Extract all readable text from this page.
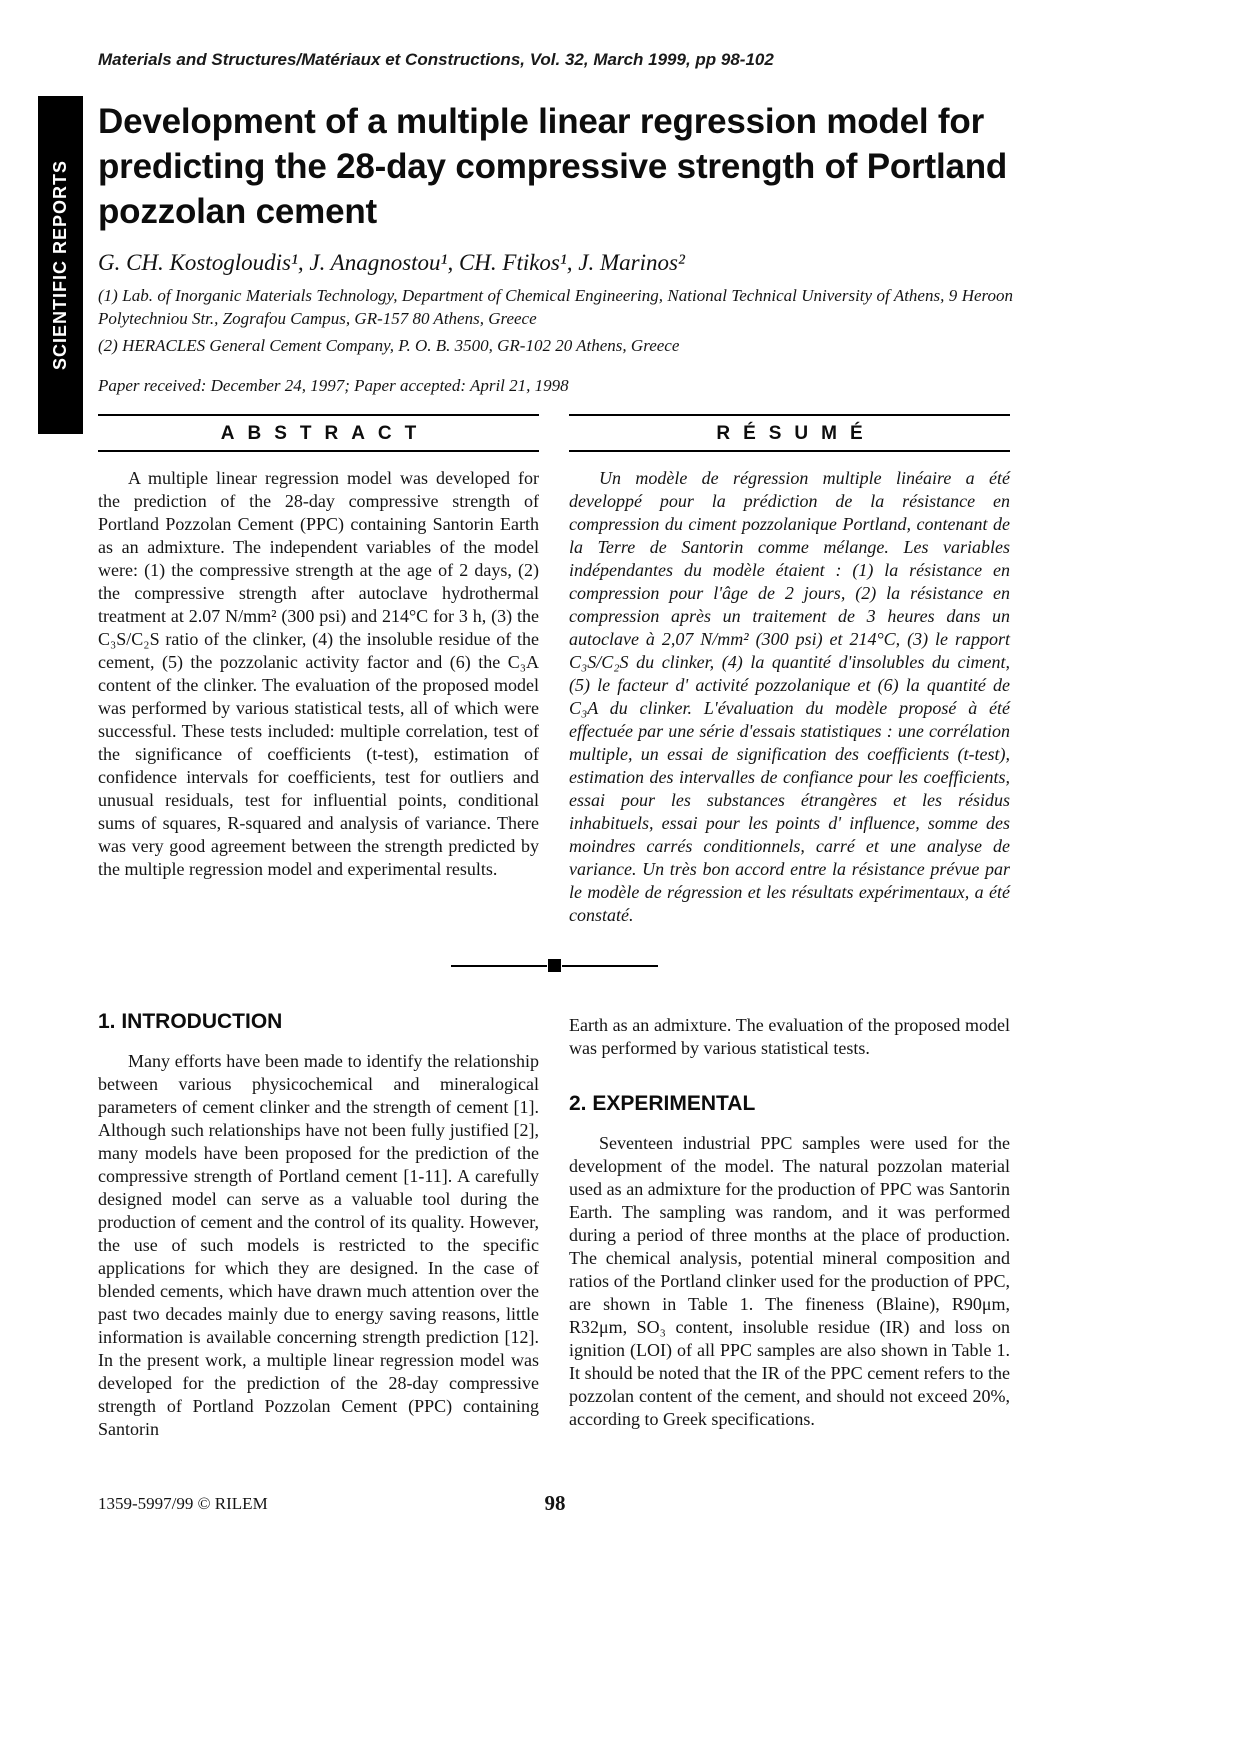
Materials and Structures/Matériaux et Constructions, Vol. 32, March 1999, pp 98-102
SCIENTIFIC REPORTS
Development of a multiple linear regression model for predicting the 28-day compressive strength of Portland pozzolan cement
G. CH. Kostogloudis¹, J. Anagnostou¹, CH. Ftikos¹, J. Marinos²
(1) Lab. of Inorganic Materials Technology, Department of Chemical Engineering, National Technical University of Athens, 9 Heroon Polytechniou Str., Zografou Campus, GR-157 80 Athens, Greece
(2) HERACLES General Cement Company, P. O. B. 3500, GR-102 20 Athens, Greece
Paper received: December 24, 1997; Paper accepted: April 21, 1998
ABSTRACT

A multiple linear regression model was developed for the prediction of the 28-day compressive strength of Portland Pozzolan Cement (PPC) containing Santorin Earth as an admixture. The independent variables of the model were: (1) the compressive strength at the age of 2 days, (2) the compressive strength after autoclave hydrothermal treatment at 2.07 N/mm² (300 psi) and 214°C for 3 h, (3) the C₃S/C₂S ratio of the clinker, (4) the insoluble residue of the cement, (5) the pozzolanic activity factor and (6) the C₃A content of the clinker. The evaluation of the proposed model was performed by various statistical tests, all of which were successful. These tests included: multiple correlation, test of the significance of coefficients (t-test), estimation of confidence intervals for coefficients, test for outliers and unusual residuals, test for influential points, conditional sums of squares, R-squared and analysis of variance. There was very good agreement between the strength predicted by the multiple regression model and experimental results.

RÉSUMÉ

Un modèle de régression multiple linéaire a été developpé pour la prédiction de la résistance en compression du ciment pozzolanique Portland, contenant de la Terre de Santorin comme mélange. Les variables indépendantes du modèle étaient : (1) la résistance en compression pour l'âge de 2 jours, (2) la résistance en compression après un traitement de 3 heures dans un autoclave à 2,07 N/mm² (300 psi) et 214°C, (3) le rapport C₃S/C₂S du clinker, (4) la quantité d'insolubles du ciment, (5) le facteur d' activité pozzolanique et (6) la quantité de C₃A du clinker. L'évaluation du modèle proposé à été effectuée par une série d'essais statistiques : une corrélation multiple, un essai de signification des coefficients (t-test), estimation des intervalles de confiance pour les coefficients, essai pour les substances étrangères et les résidus inhabituels, essai pour les points d' influence, somme des moindres carrés conditionnels, carré et une analyse de variance. Un très bon accord entre la résistance prévue par le modèle de régression et les résultats expérimentaux, a été constaté.

1. INTRODUCTION

Many efforts have been made to identify the relationship between various physicochemical and mineralogical parameters of cement clinker and the strength of cement [1]. Although such relationships have not been fully justified [2], many models have been proposed for the prediction of the compressive strength of Portland cement [1-11]. A carefully designed model can serve as a valuable tool during the production of cement and the control of its quality. However, the use of such models is restricted to the specific applications for which they are designed. In the case of blended cements, which have drawn much attention over the past two decades mainly due to energy saving reasons, little information is available concerning strength prediction [12]. In the present work, a multiple linear regression model was developed for the prediction of the 28-day compressive strength of Portland Pozzolan Cement (PPC) containing Santorin

Earth as an admixture. The evaluation of the proposed model was performed by various statistical tests.

2. EXPERIMENTAL

Seventeen industrial PPC samples were used for the development of the model. The natural pozzolan material used as an admixture for the production of PPC was Santorin Earth. The sampling was random, and it was performed during a period of three months at the place of production. The chemical analysis, potential mineral composition and ratios of the Portland clinker used for the production of PPC, are shown in Table 1. The fineness (Blaine), R90μm, R32μm, SO₃ content, insoluble residue (IR) and loss on ignition (LOI) of all PPC samples are also shown in Table 1. It should be noted that the IR of the PPC cement refers to the pozzolan content of the cement, and should not exceed 20%, according to Greek specifications.

1359-5997/99 © RILEM	98
